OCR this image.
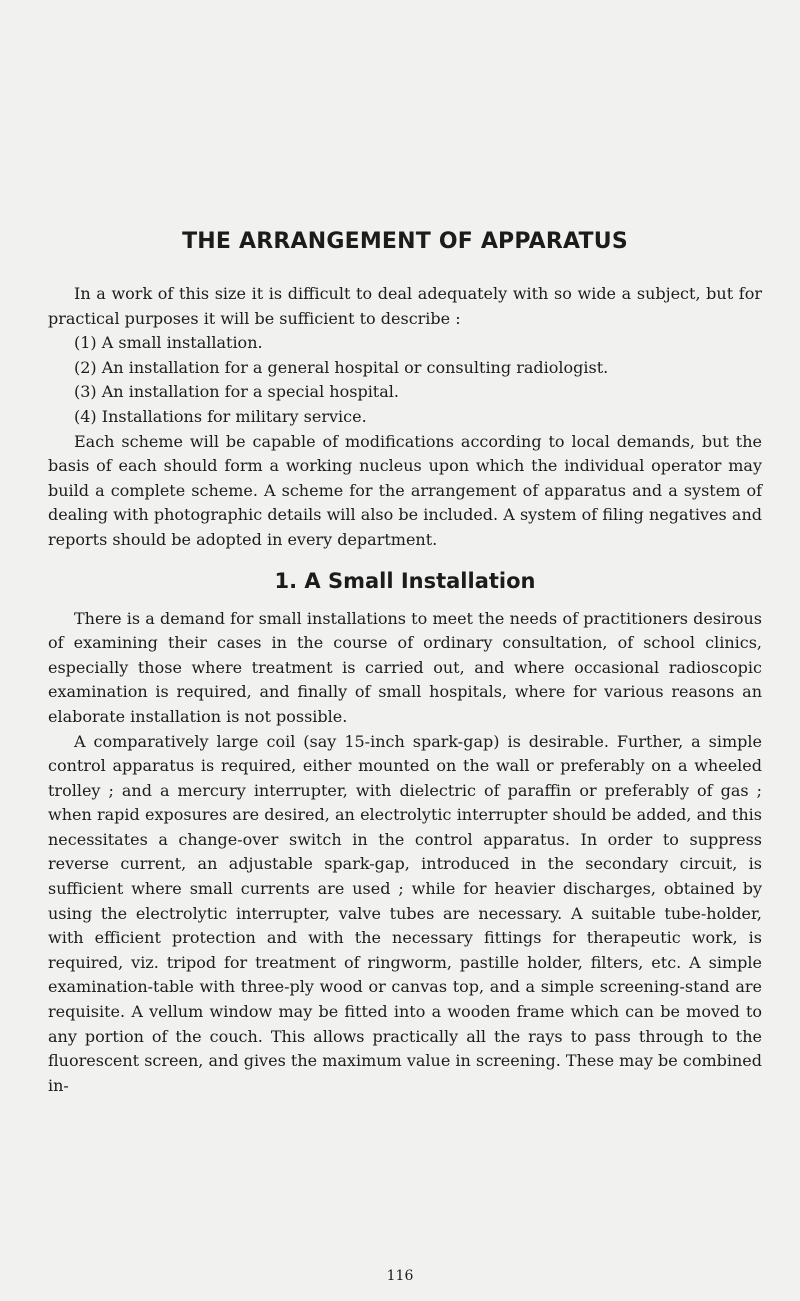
THE ARRANGEMENT OF APPARATUS

In a work of this size it is difficult to deal adequately with so wide a subject, but for practical purposes it will be sufficient to describe :

(1) A small installation.
(2) An installation for a general hospital or consulting radiologist.
(3) An installation for a special hospital.
(4) Installations for military service.

Each scheme will be capable of modifications according to local demands, but the basis of each should form a working nucleus upon which the individual operator may build a complete scheme. A scheme for the arrangement of apparatus and a system of dealing with photographic details will also be included. A system of filing negatives and reports should be adopted in every department.

1. A Small Installation

There is a demand for small installations to meet the needs of practitioners desirous of examining their cases in the course of ordinary consultation, of school clinics, especially those where treatment is carried out, and where occasional radioscopic examination is required, and finally of small hospitals, where for various reasons an elaborate installation is not possible.

A comparatively large coil (say 15-inch spark-gap) is desirable. Further, a simple control apparatus is required, either mounted on the wall or preferably on a wheeled trolley ; and a mercury interrupter, with dielectric of paraffin or preferably of gas ; when rapid exposures are desired, an electrolytic interrupter should be added, and this necessitates a change-over switch in the control apparatus. In order to suppress reverse current, an adjustable spark-gap, introduced in the secondary circuit, is sufficient where small currents are used ; while for heavier discharges, obtained by using the electrolytic interrupter, valve tubes are necessary. A suitable tube-holder, with efficient protection and with the necessary fittings for therapeutic work, is required, viz. tripod for treatment of ringworm, pastille holder, filters, etc. A simple examination-table with three-ply wood or canvas top, and a simple screening-stand are requisite. A vellum window may be fitted into a wooden frame which can be moved to any portion of the couch. This allows practically all the rays to pass through to the fluorescent screen, and gives the maximum value in screening. These may be combined in-

116
